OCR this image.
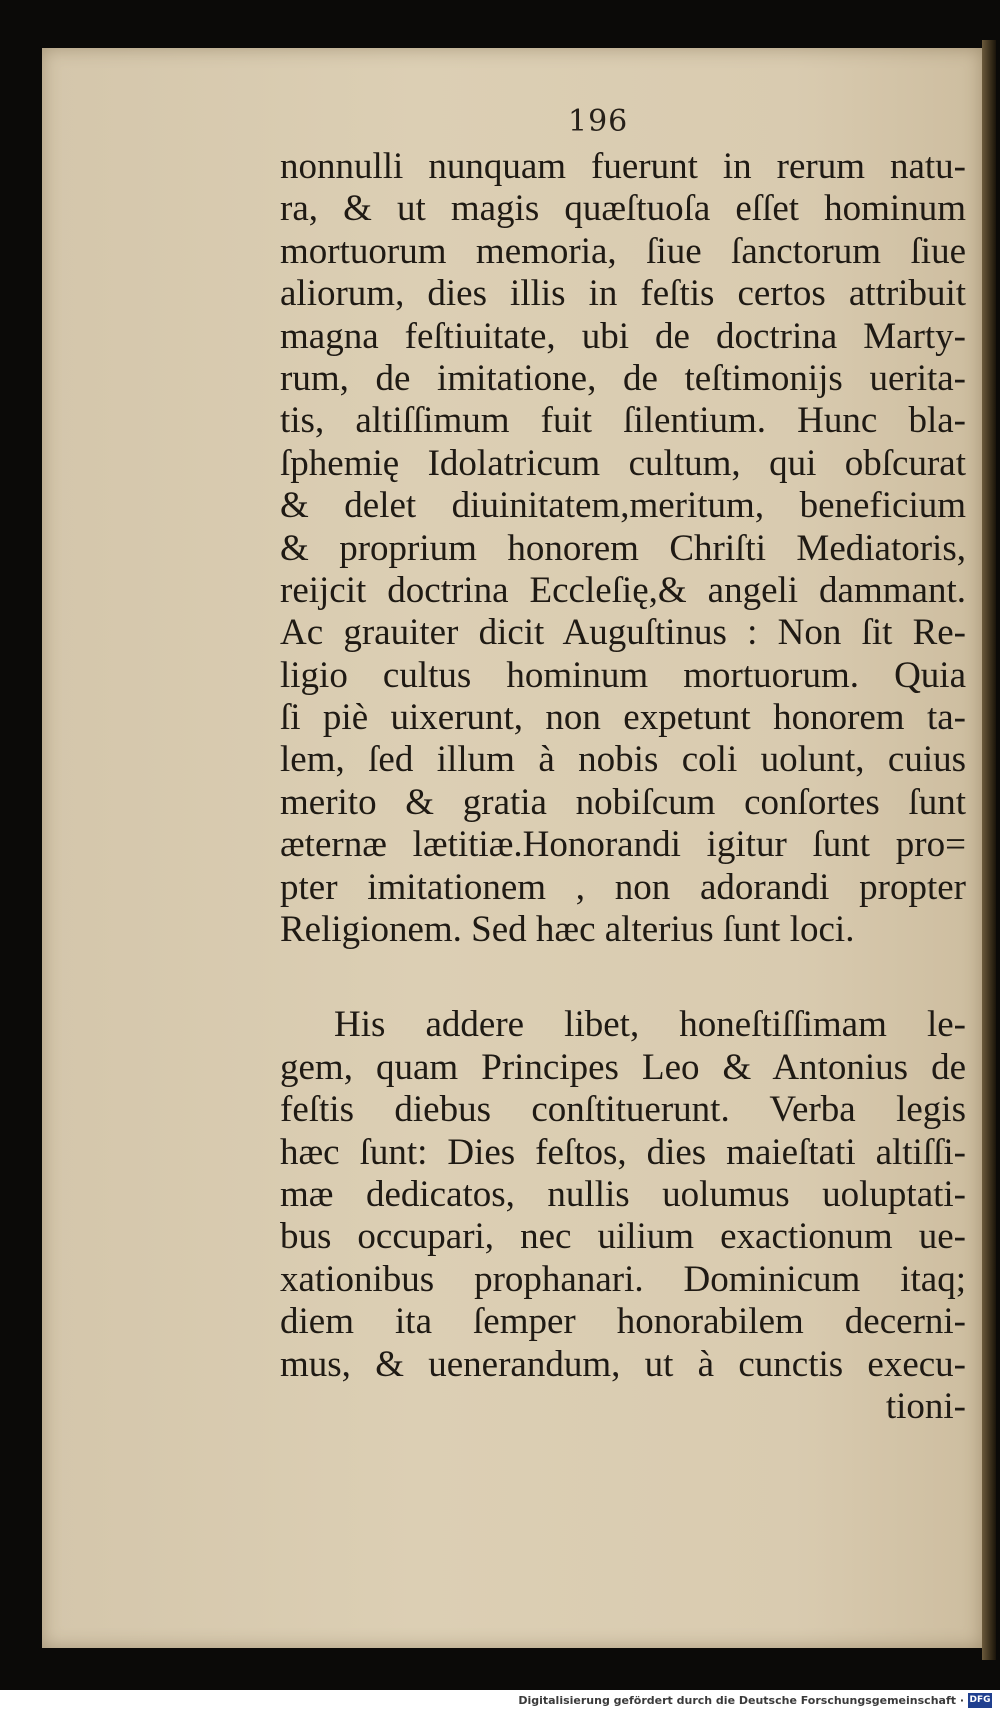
196
nonnulli nunquam fuerunt in rerum natu-
ra, & ut magis quæſtuoſa eſſet hominum
mortuorum memoria, ſiue ſanctorum ſiue
aliorum, dies illis in feſtis certos attribuit
magna feſtiuitate, ubi de doctrina Marty-
rum, de imitatione, de teſtimonijs ueritа-
tis, altiſſimum fuit ſilentium. Hunc bla-
ſphemię Idolatricum cultum, qui obſcurat
& delet diuinitatem,meritum, beneficium
& proprium honorem Chriſti Mediatoris,
reijcit doctrina Eccleſię,& angeli dammant.
Ac grauiter dicit Auguſtinus : Non ſit Re-
ligio cultus hominum mortuorum. Quia
ſi piè uixerunt, non expetunt honorem ta-
lem, ſed illum à nobis coli uolunt, cuius
merito & gratia nobiſcum conſortes ſunt
æternæ lætitiæ.Honorandi igitur ſunt pro=
pter imitationem , non adorandi propter
Religionem. Sed hæc alterius ſunt loci.
His addere libet, honeſtiſſimam le-
gem, quam Principes Leo & Antonius de
feſtis diebus conſtituerunt. Verba legis
hæc ſunt: Dies feſtos, dies maieſtati altiſſi-
mæ dedicatos, nullis uolumus uoluptati-
bus occupari, nec uilium exactionum ue-
xationibus prophanari. Dominicum itaq;
diem ita ſemper honorabilem decerni-
mus, & uenerandum, ut à cunctis execu-
tioni-
Digitalisierung gefördert durch die Deutsche Forschungsgemeinschaft · DFG
